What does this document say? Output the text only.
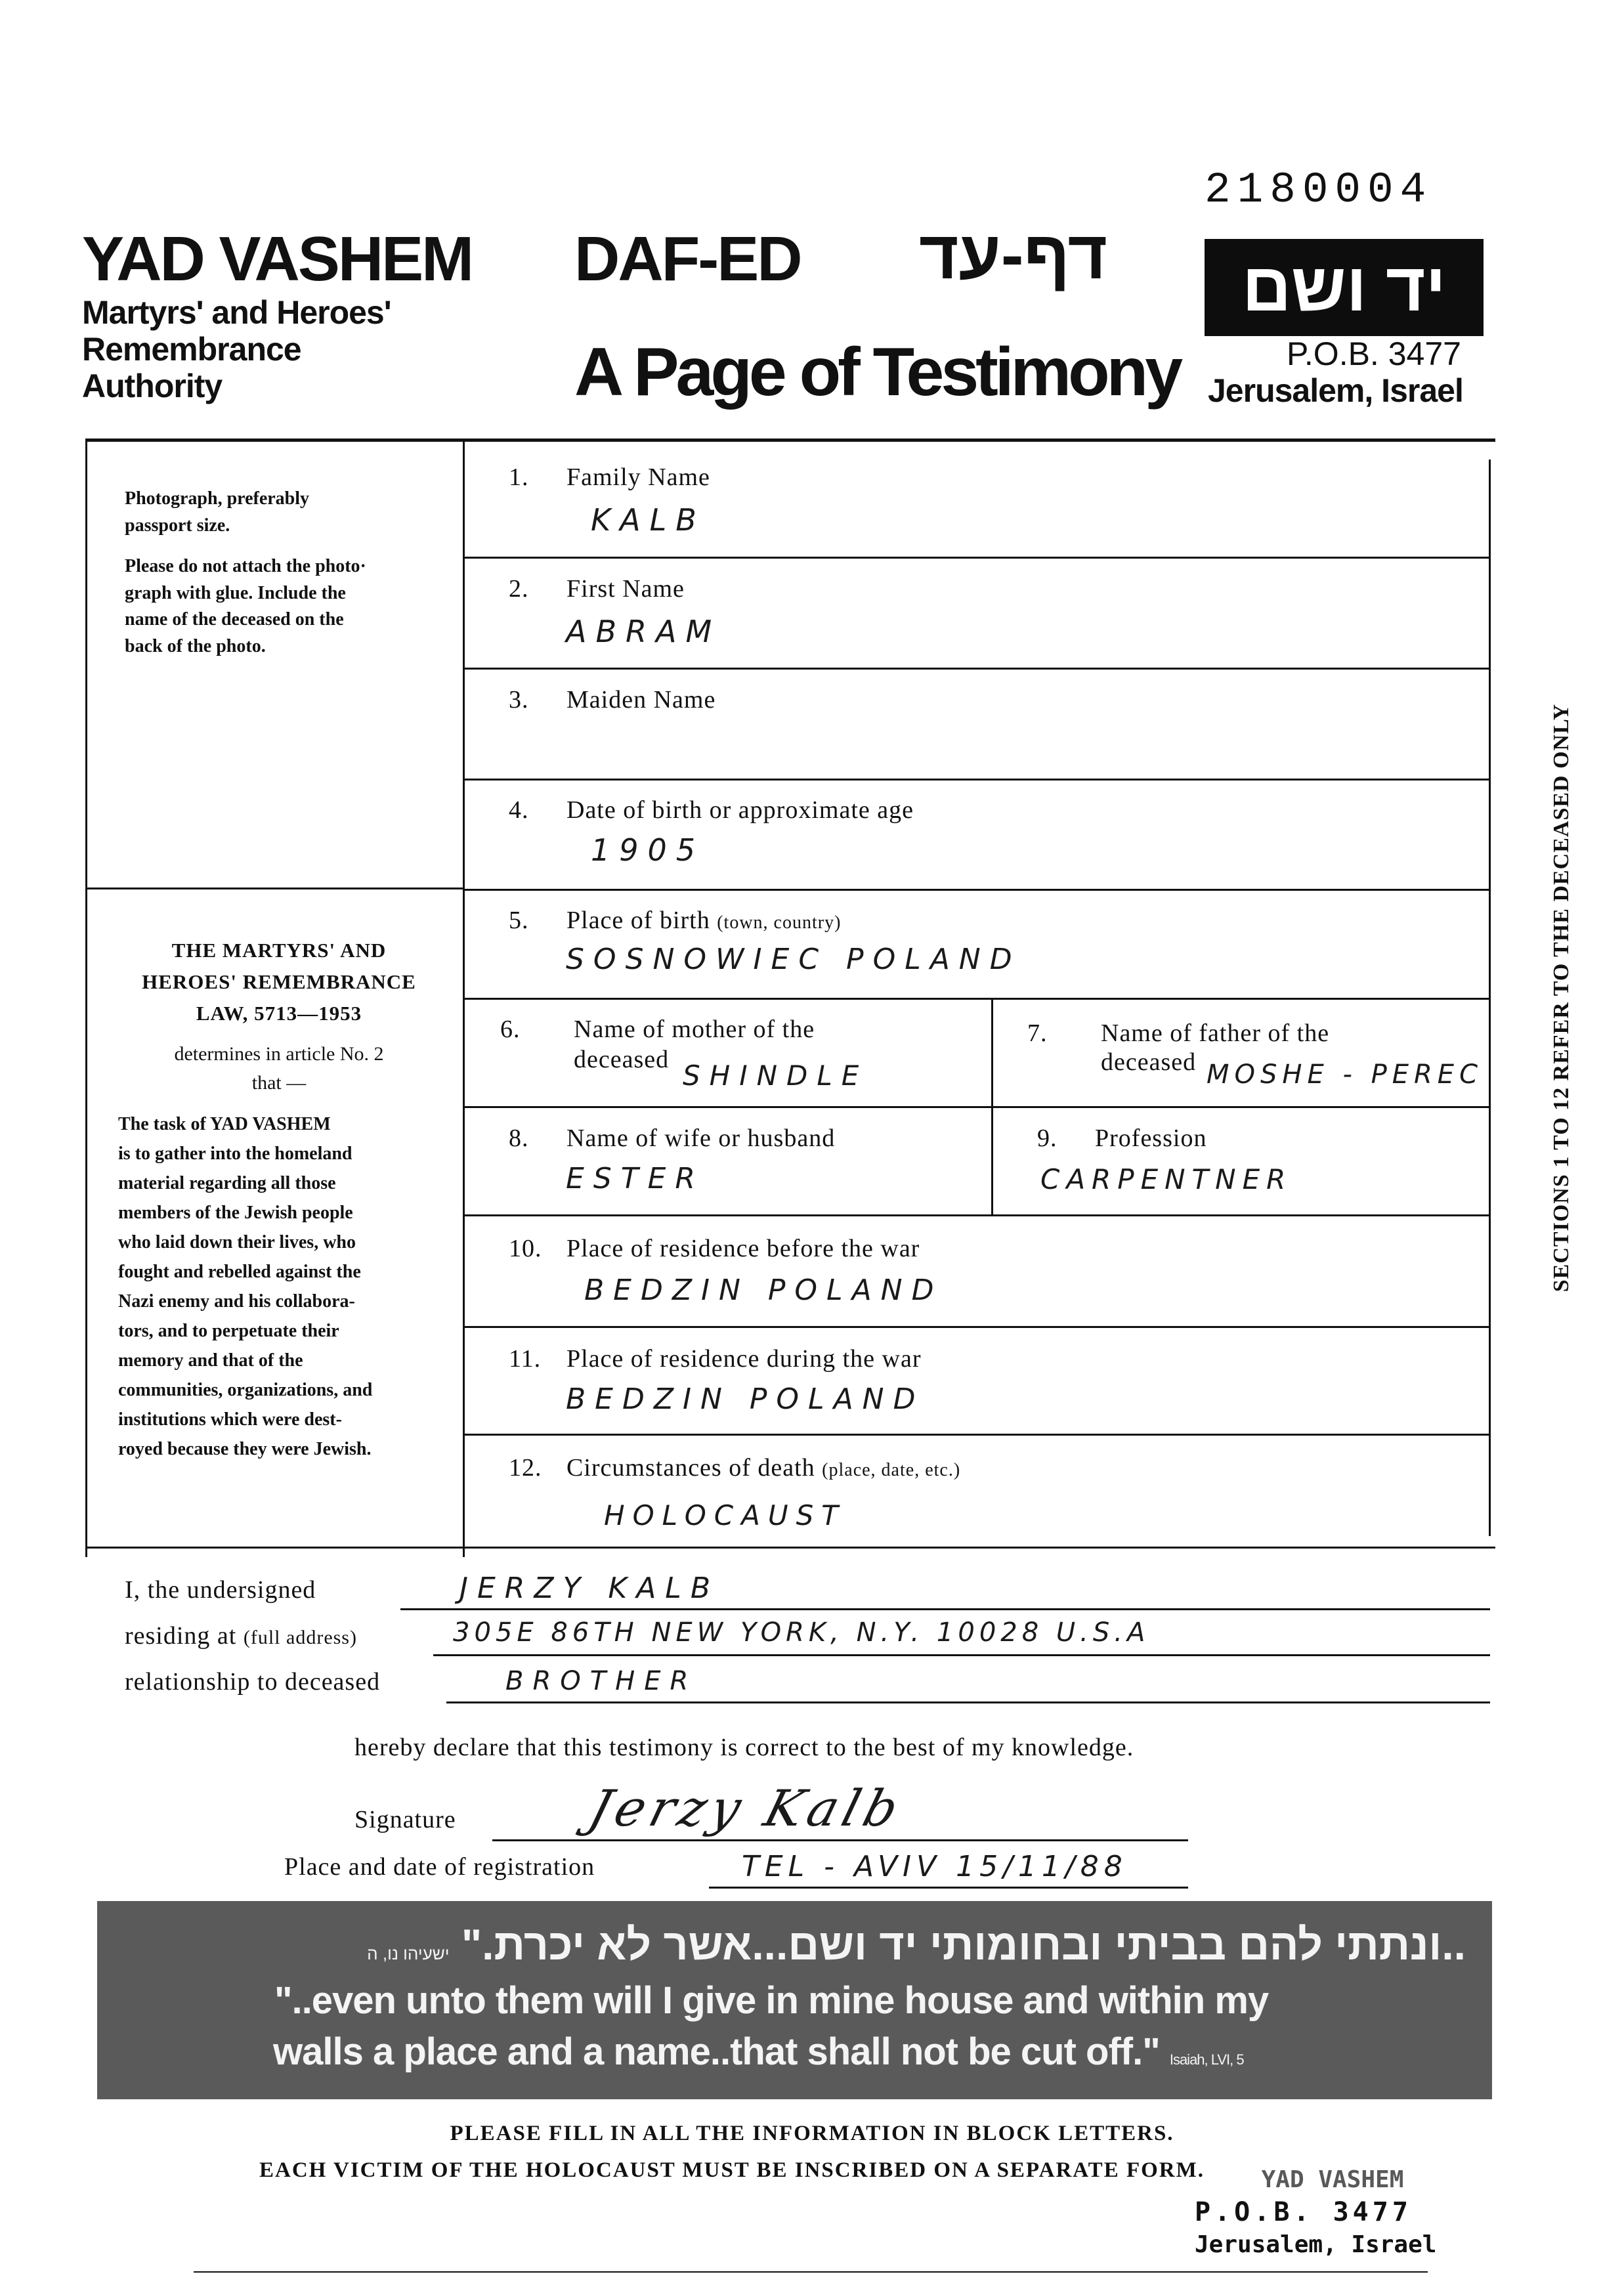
2180004
YAD VASHEM
Martyrs' and Heroes'
Remembrance
Authority
DAF-ED דף-עד
A Page of Testimony
יד ושם
P.O.B. 3477
Jerusalem, Israel
Photograph, preferably
passport size.
Please do not attach the photo·
graph with glue. Include the
name of the deceased on the
back of the photo.
THE MARTYRS' AND
HEROES' REMEMBRANCE
LAW, 5713—1953
determines in article No. 2
that —
The task of YAD VASHEM
is to gather into the homeland
material regarding all those
members of the Jewish people
who laid down their lives, who
fought and rebelled against the
Nazi enemy and his collabora-
tors, and to perpetuate their
memory and that of the
communities, organizations, and
institutions which were dest-
royed because they were Jewish.
1. Family Name
KALB
2. First Name
ABRAM
3. Maiden Name
4. Date of birth or approximate age
1905
5. Place of birth (town, country)
SOSNOWIEC POLAND
6. Name of mother of the
deceased SHINDLE
7. Name of father of the
deceased MOSHE - PEREC
8. Name of wife or husband
ESTER
9. Profession
CARPENTNER
10. Place of residence before the war
BEDZIN POLAND
11. Place of residence during the war
BEDZIN POLAND
12. Circumstances of death (place, date, etc.)
HOLOCAUST
SECTIONS 1 TO 12 REFER TO THE DECEASED ONLY
I, the undersigned	JERZY KALB
residing at (full address)	305E 86TH NEW YORK, N.Y. 10028 U.S.A
relationship to deceased	BROTHER
hereby declare that this testimony is correct to the best of my knowledge.
Signature	Jerzy Kalb
Place and date of registration	TEL - AVIV 15/11/88
..ונתתי להם בביתי ובחומותי יד ושם...אשר לא יכרת." ישעיהו נו, ה
"..even unto them will I give in mine house and within my
walls a place and a name..that shall not be cut off." Isaiah, LVI, 5
PLEASE FILL IN ALL THE INFORMATION IN BLOCK LETTERS.
EACH VICTIM OF THE HOLOCAUST MUST BE INSCRIBED ON A SEPARATE FORM.	YAD VASHEM
P.O.B. 3477
Jerusalem, Israel
